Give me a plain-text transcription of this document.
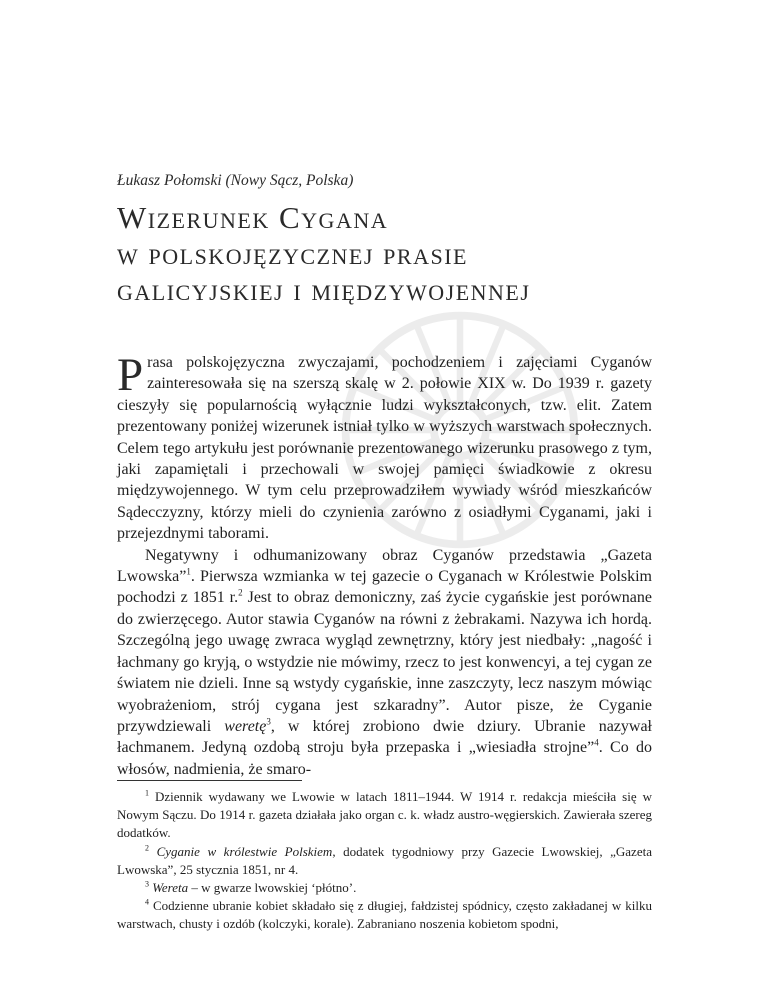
Łukasz Połomski (Nowy Sącz, Polska)
Wizerunek Cygana
w polskojęzycznej prasie
galicyjskiej i międzywojennej

Prasa polskojęzyczna zwyczajami, pochodzeniem i zajęciami Cyganów zainteresowała się na szerszą skalę w 2. połowie XIX w. Do 1939 r. gazety cieszyły się popularnością wyłącznie ludzi wykształconych, tzw. elit. Zatem prezentowany poniżej wizerunek istniał tylko w wyższych warstwach społecznych. Celem tego artykułu jest porównanie prezentowanego wizerunku prasowego z tym, jaki zapamiętali i przechowali w swojej pamięci świadkowie z okresu międzywojennego. W tym celu przeprowadziłem wywiady wśród mieszkańców Sądecczyzny, którzy mieli do czynienia zarówno z osiadłymi Cyganami, jaki i przejezdnymi taborami.

Negatywny i odhumanizowany obraz Cyganów przedstawia „Gazeta Lwowska”$^1$. Pierwsza wzmianka w tej gazecie o Cyganach w Królestwie Polskim pochodzi z 1851 r.$^2$ Jest to obraz demoniczny, zaś życie cygańskie jest porównane do zwierzęcego. Autor stawia Cyganów na równi z żebrakami. Nazywa ich hordą. Szczególną jego uwagę zwraca wygląd zewnętrzny, który jest niedbały: „nagość i łachmany go kryją, o wstydzie nie mówimy, rzecz to jest konwencyi, a tej cygan ze światem nie dzieli. Inne są wstydy cygańskie, inne zaszczyty, lecz naszym mówiąc wyobrażeniom, strój cygana jest szkaradny”. Autor pisze, że Cyganie przywdziewali weretę$^3$, w której zrobiono dwie dziury. Ubranie nazywał łachmanem. Jedyną ozdobą stroju była przepaska i „wiesiadła strojne”$^4$. Co do włosów, nadmienia, że smaro-

$^1$ Dziennik wydawany we Lwowie w latach 1811–1944. W 1914 r. redakcja mieściła się w Nowym Sączu. Do 1914 r. gazeta działała jako organ c. k. władz austro-węgierskich. Zawierała szereg dodatków.

$^2$ Cyganie w królestwie Polskiem, dodatek tygodniowy przy Gazecie Lwowskiej, „Gazeta Lwowska”, 25 stycznia 1851, nr 4.

$^3$ Wereta – w gwarze lwowskiej ‘płótno’.

$^4$ Codzienne ubranie kobiet składało się z długiej, fałdzistej spódnicy, często zakładanej w kilku warstwach, chusty i ozdób (kolczyki, korale). Zabraniano noszenia kobietom spodni,
